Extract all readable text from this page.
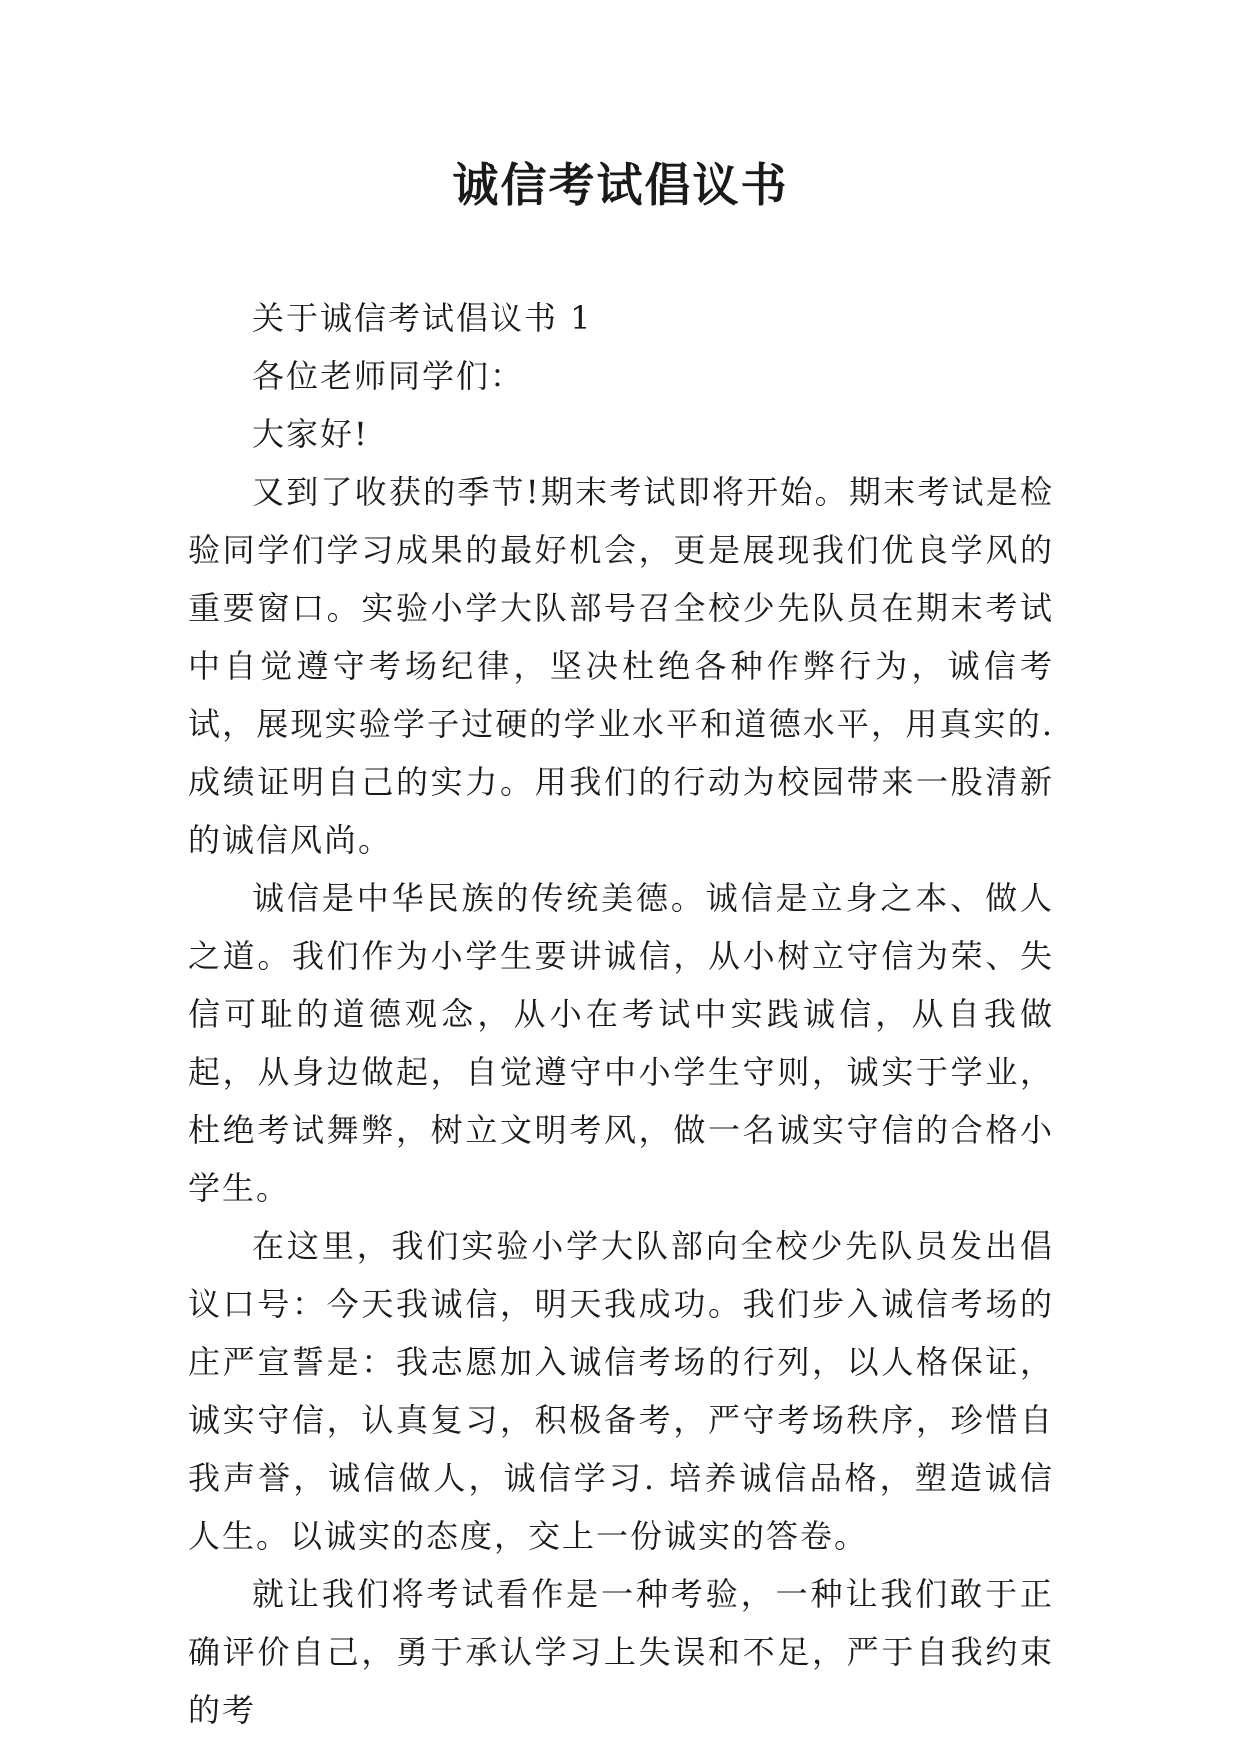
诚信考试倡议书

关于诚信考试倡议书 1

各位老师同学们：

大家好!

又到了收获的季节!期末考试即将开始。期末考试是检验同学们学习成果的最好机会，更是展现我们优良学风的重要窗口。实验小学大队部号召全校少先队员在期末考试中自觉遵守考场纪律，坚决杜绝各种作弊行为，诚信考试，展现实验学子过硬的学业水平和道德水平，用真实的.成绩证明自己的实力。用我们的行动为校园带来一股清新的诚信风尚。

诚信是中华民族的传统美德。诚信是立身之本、做人之道。我们作为小学生要讲诚信，从小树立守信为荣、失信可耻的道德观念，从小在考试中实践诚信，从自我做起，从身边做起，自觉遵守中小学生守则，诚实于学业，杜绝考试舞弊，树立文明考风，做一名诚实守信的合格小学生。

在这里，我们实验小学大队部向全校少先队员发出倡议口号：今天我诚信，明天我成功。我们步入诚信考场的庄严宣誓是：我志愿加入诚信考场的行列，以人格保证，诚实守信，认真复习，积极备考，严守考场秩序，珍惜自我声誉，诚信做人，诚信学习. 培养诚信品格，塑造诚信人生。以诚实的态度，交上一份诚实的答卷。

就让我们将考试看作是一种考验，一种让我们敢于正确评价自己，勇于承认学习上失误和不足，严于自我约束的考
